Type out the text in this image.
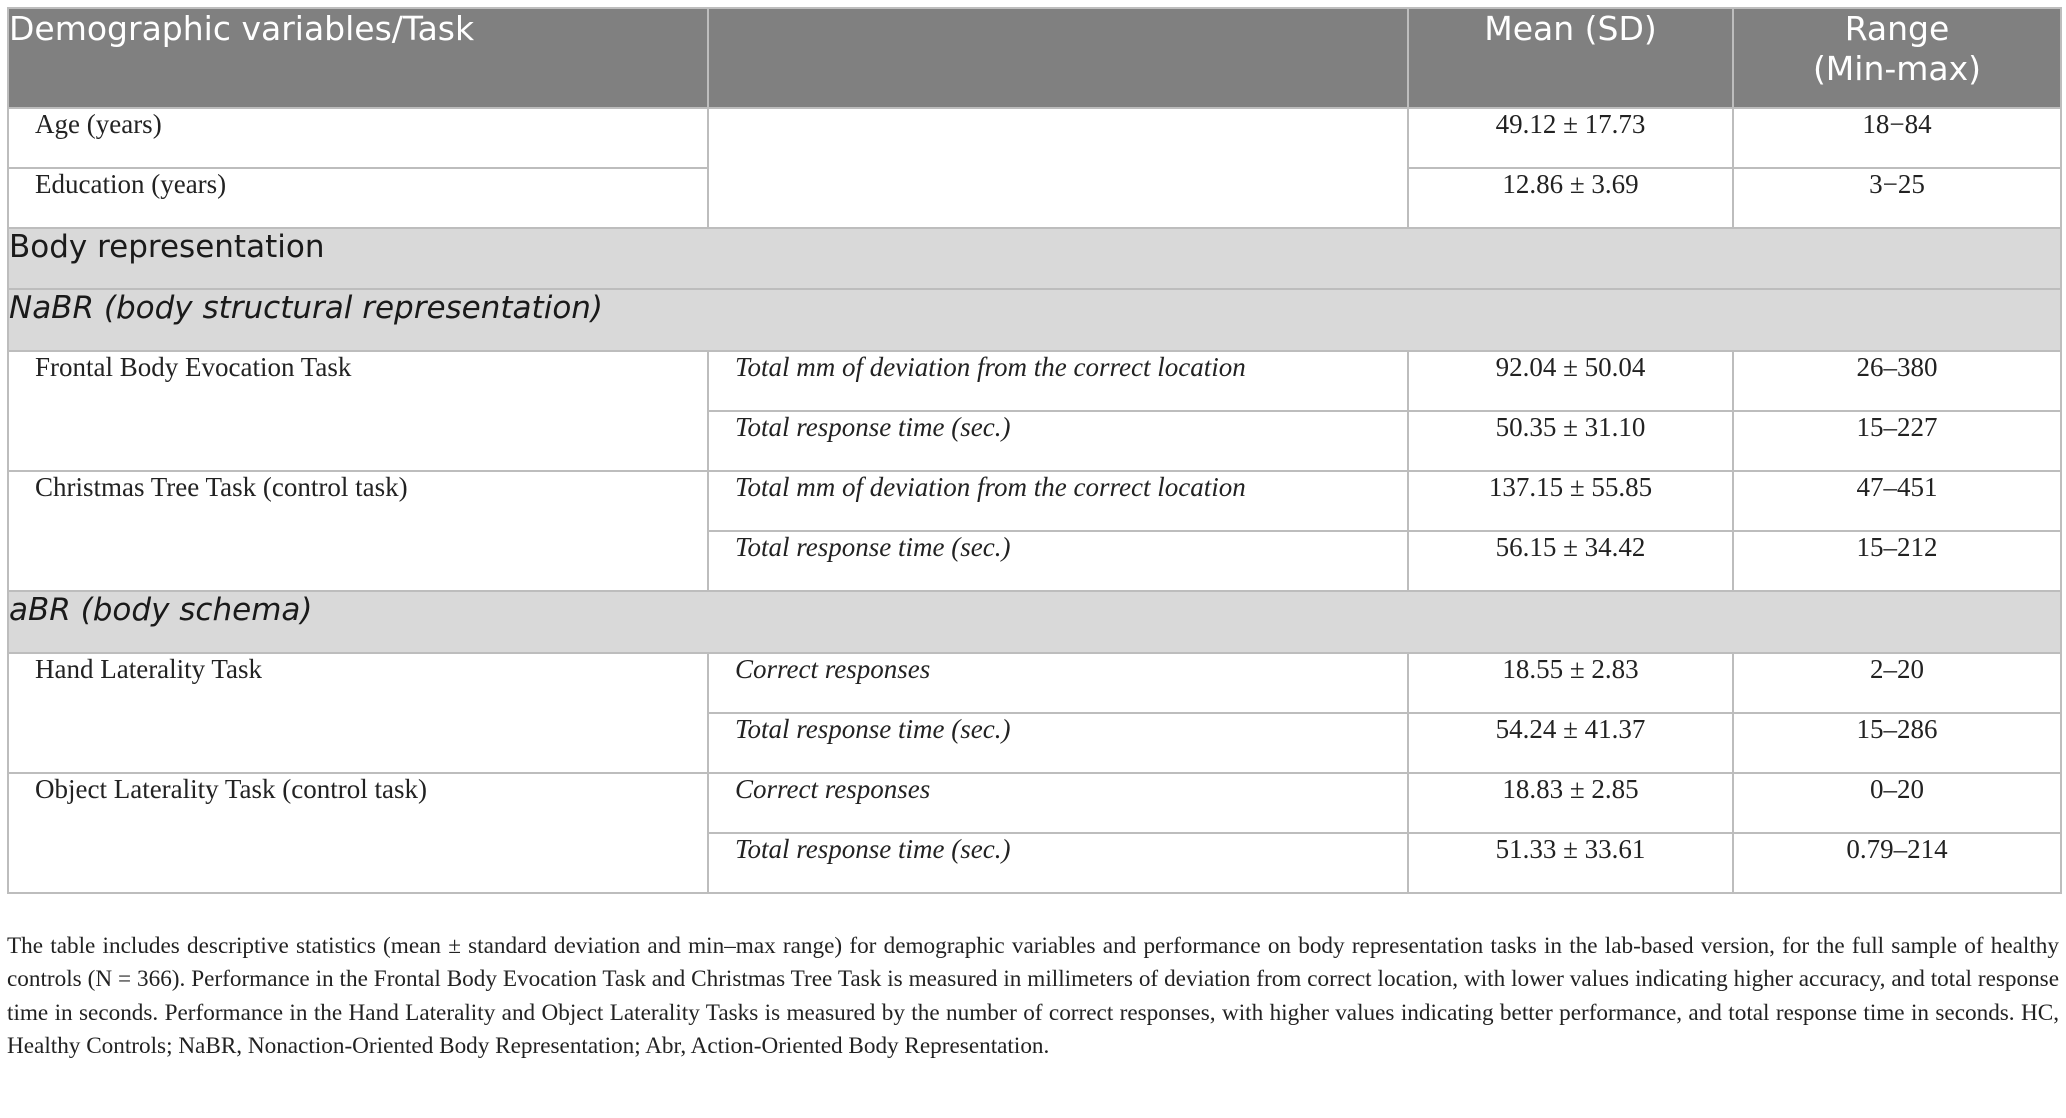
Demographic variables/Task		Mean (SD)	Range
(Min-max)
Age (years)		49.12 ± 17.73	18−84
Education (years)		12.86 ± 3.69	3−25
Body representation			
NaBR (body structural representation)			
Frontal Body Evocation Task	Total mm of deviation from the correct location	92.04 ± 50.04	26–380
	Total response time (sec.)	50.35 ± 31.10	15–227
Christmas Tree Task (control task)	Total mm of deviation from the correct location	137.15 ± 55.85	47–451
	Total response time (sec.)	56.15 ± 34.42	15–212
aBR (body schema)			
Hand Laterality Task	Correct responses	18.55 ± 2.83	2–20
	Total response time (sec.)	54.24 ± 41.37	15–286
Object Laterality Task (control task)	Correct responses	18.83 ± 2.85	0–20
	Total response time (sec.)	51.33 ± 33.61	0.79–214

The table includes descriptive statistics (mean ± standard deviation and min–max range) for demographic variables and performance on body representation tasks in the lab-based version, for the full sample of healthy controls (N = 366). Performance in the Frontal Body Evocation Task and Christmas Tree Task is measured in millimeters of deviation from correct location, with lower values indicating higher accuracy, and total response time in seconds. Performance in the Hand Laterality and Object Laterality Tasks is measured by the number of correct responses, with higher values indicating better performance, and total response time in seconds. HC, Healthy Controls; NaBR, Nonaction-Oriented Body Representation; Abr, Action-Oriented Body Representation.
